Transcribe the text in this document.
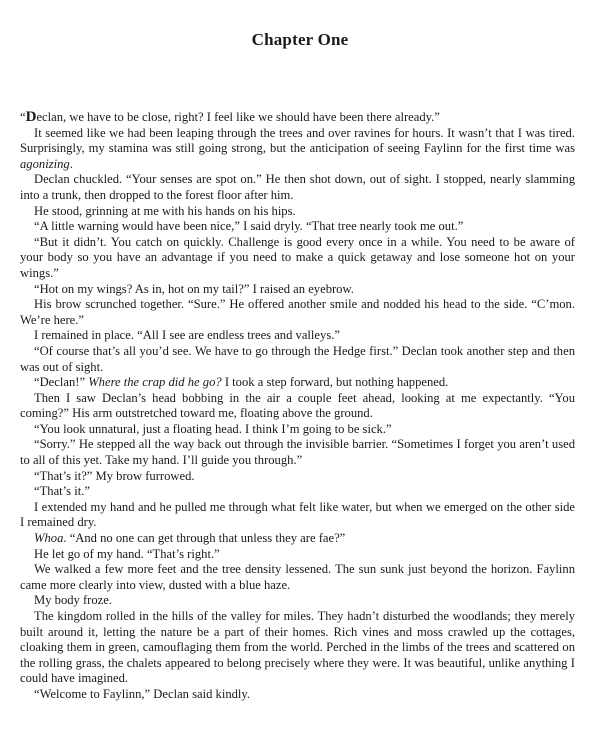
Chapter One

“Declan, we have to be close, right? I feel like we should have been there already.”

It seemed like we had been leaping through the trees and over ravines for hours. It wasn’t that I was tired. Surprisingly, my stamina was still going strong, but the anticipation of seeing Faylinn for the first time was agonizing.

Declan chuckled. “Your senses are spot on.” He then shot down, out of sight. I stopped, nearly slamming into a trunk, then dropped to the forest floor after him.

He stood, grinning at me with his hands on his hips.

“A little warning would have been nice,” I said dryly. “That tree nearly took me out.”

“But it didn’t. You catch on quickly. Challenge is good every once in a while. You need to be aware of your body so you have an advantage if you need to make a quick getaway and lose someone hot on your wings.”

“Hot on my wings? As in, hot on my tail?” I raised an eyebrow.

His brow scrunched together. “Sure.” He offered another smile and nodded his head to the side. “C’mon. We’re here.”

I remained in place. “All I see are endless trees and valleys.”

“Of course that’s all you’d see. We have to go through the Hedge first.” Declan took another step and then was out of sight.

“Declan!” Where the crap did he go? I took a step forward, but nothing happened.

Then I saw Declan’s head bobbing in the air a couple feet ahead, looking at me expectantly. “You coming?” His arm outstretched toward me, floating above the ground.

“You look unnatural, just a floating head. I think I’m going to be sick.”

“Sorry.” He stepped all the way back out through the invisible barrier. “Sometimes I forget you aren’t used to all of this yet. Take my hand. I’ll guide you through.”

“That’s it?” My brow furrowed.

“That’s it.”

I extended my hand and he pulled me through what felt like water, but when we emerged on the other side I remained dry.

Whoa. “And no one can get through that unless they are fae?”

He let go of my hand. “That’s right.”

We walked a few more feet and the tree density lessened. The sun sunk just beyond the horizon. Faylinn came more clearly into view, dusted with a blue haze.

My body froze.

The kingdom rolled in the hills of the valley for miles. They hadn’t disturbed the woodlands; they merely built around it, letting the nature be a part of their homes. Rich vines and moss crawled up the cottages, cloaking them in green, camouflaging them from the world. Perched in the limbs of the trees and scattered on the rolling grass, the chalets appeared to belong precisely where they were. It was beautiful, unlike anything I could have imagined.

“Welcome to Faylinn,” Declan said kindly.
